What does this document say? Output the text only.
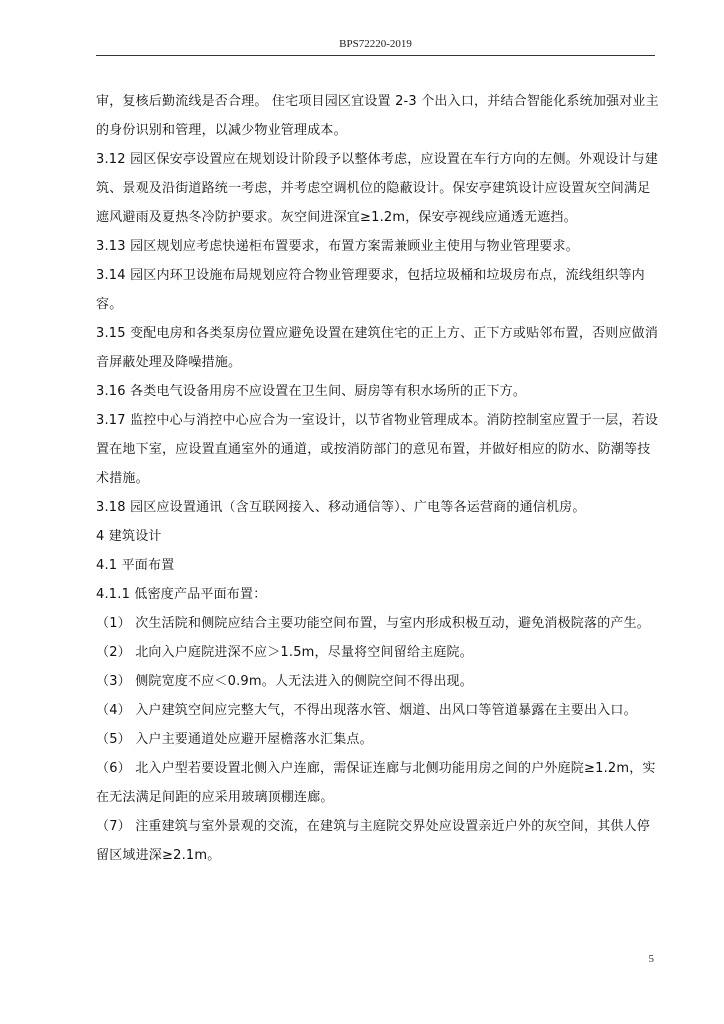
BPS72220-2019

审，复核后勤流线是否合理。 住宅项目园区宜设置 2-3 个出入口，并结合智能化系统加强对业主的身份识别和管理，以减少物业管理成本。

3.12 园区保安亭设置应在规划设计阶段予以整体考虑，应设置在车行方向的左侧。外观设计与建筑、景观及沿街道路统一考虑，并考虑空调机位的隐蔽设计。保安亭建筑设计应设置灰空间满足遮风避雨及夏热冬冷防护要求。灰空间进深宜≥1.2m，保安亭视线应通透无遮挡。

3.13 园区规划应考虑快递柜布置要求，布置方案需兼顾业主使用与物业管理要求。

3.14 园区内环卫设施布局规划应符合物业管理要求，包括垃圾桶和垃圾房布点，流线组织等内容。

3.15 变配电房和各类泵房位置应避免设置在建筑住宅的正上方、正下方或贴邻布置，否则应做消音屏蔽处理及降噪措施。

3.16 各类电气设备用房不应设置在卫生间、厨房等有积水场所的正下方。

3.17 监控中心与消控中心应合为一室设计，以节省物业管理成本。消防控制室应置于一层，若设置在地下室，应设置直通室外的通道，或按消防部门的意见布置，并做好相应的防水、防潮等技术措施。

3.18 园区应设置通讯（含互联网接入、移动通信等）、广电等各运营商的通信机房。

4 建筑设计

4.1 平面布置

4.1.1 低密度产品平面布置：

（1） 次生活院和侧院应结合主要功能空间布置，与室内形成积极互动，避免消极院落的产生。

（2） 北向入户庭院进深不应＞1.5m，尽量将空间留给主庭院。

（3） 侧院宽度不应＜0.9m。人无法进入的侧院空间不得出现。

（4） 入户建筑空间应完整大气，不得出现落水管、烟道、出风口等管道暴露在主要出入口。

（5） 入户主要通道处应避开屋檐落水汇集点。

（6） 北入户型若要设置北侧入户连廊，需保证连廊与北侧功能用房之间的户外庭院≥1.2m，实在无法满足间距的应采用玻璃顶棚连廊。

（7） 注重建筑与室外景观的交流，在建筑与主庭院交界处应设置亲近户外的灰空间，其供人停留区域进深≥2.1m。

5
